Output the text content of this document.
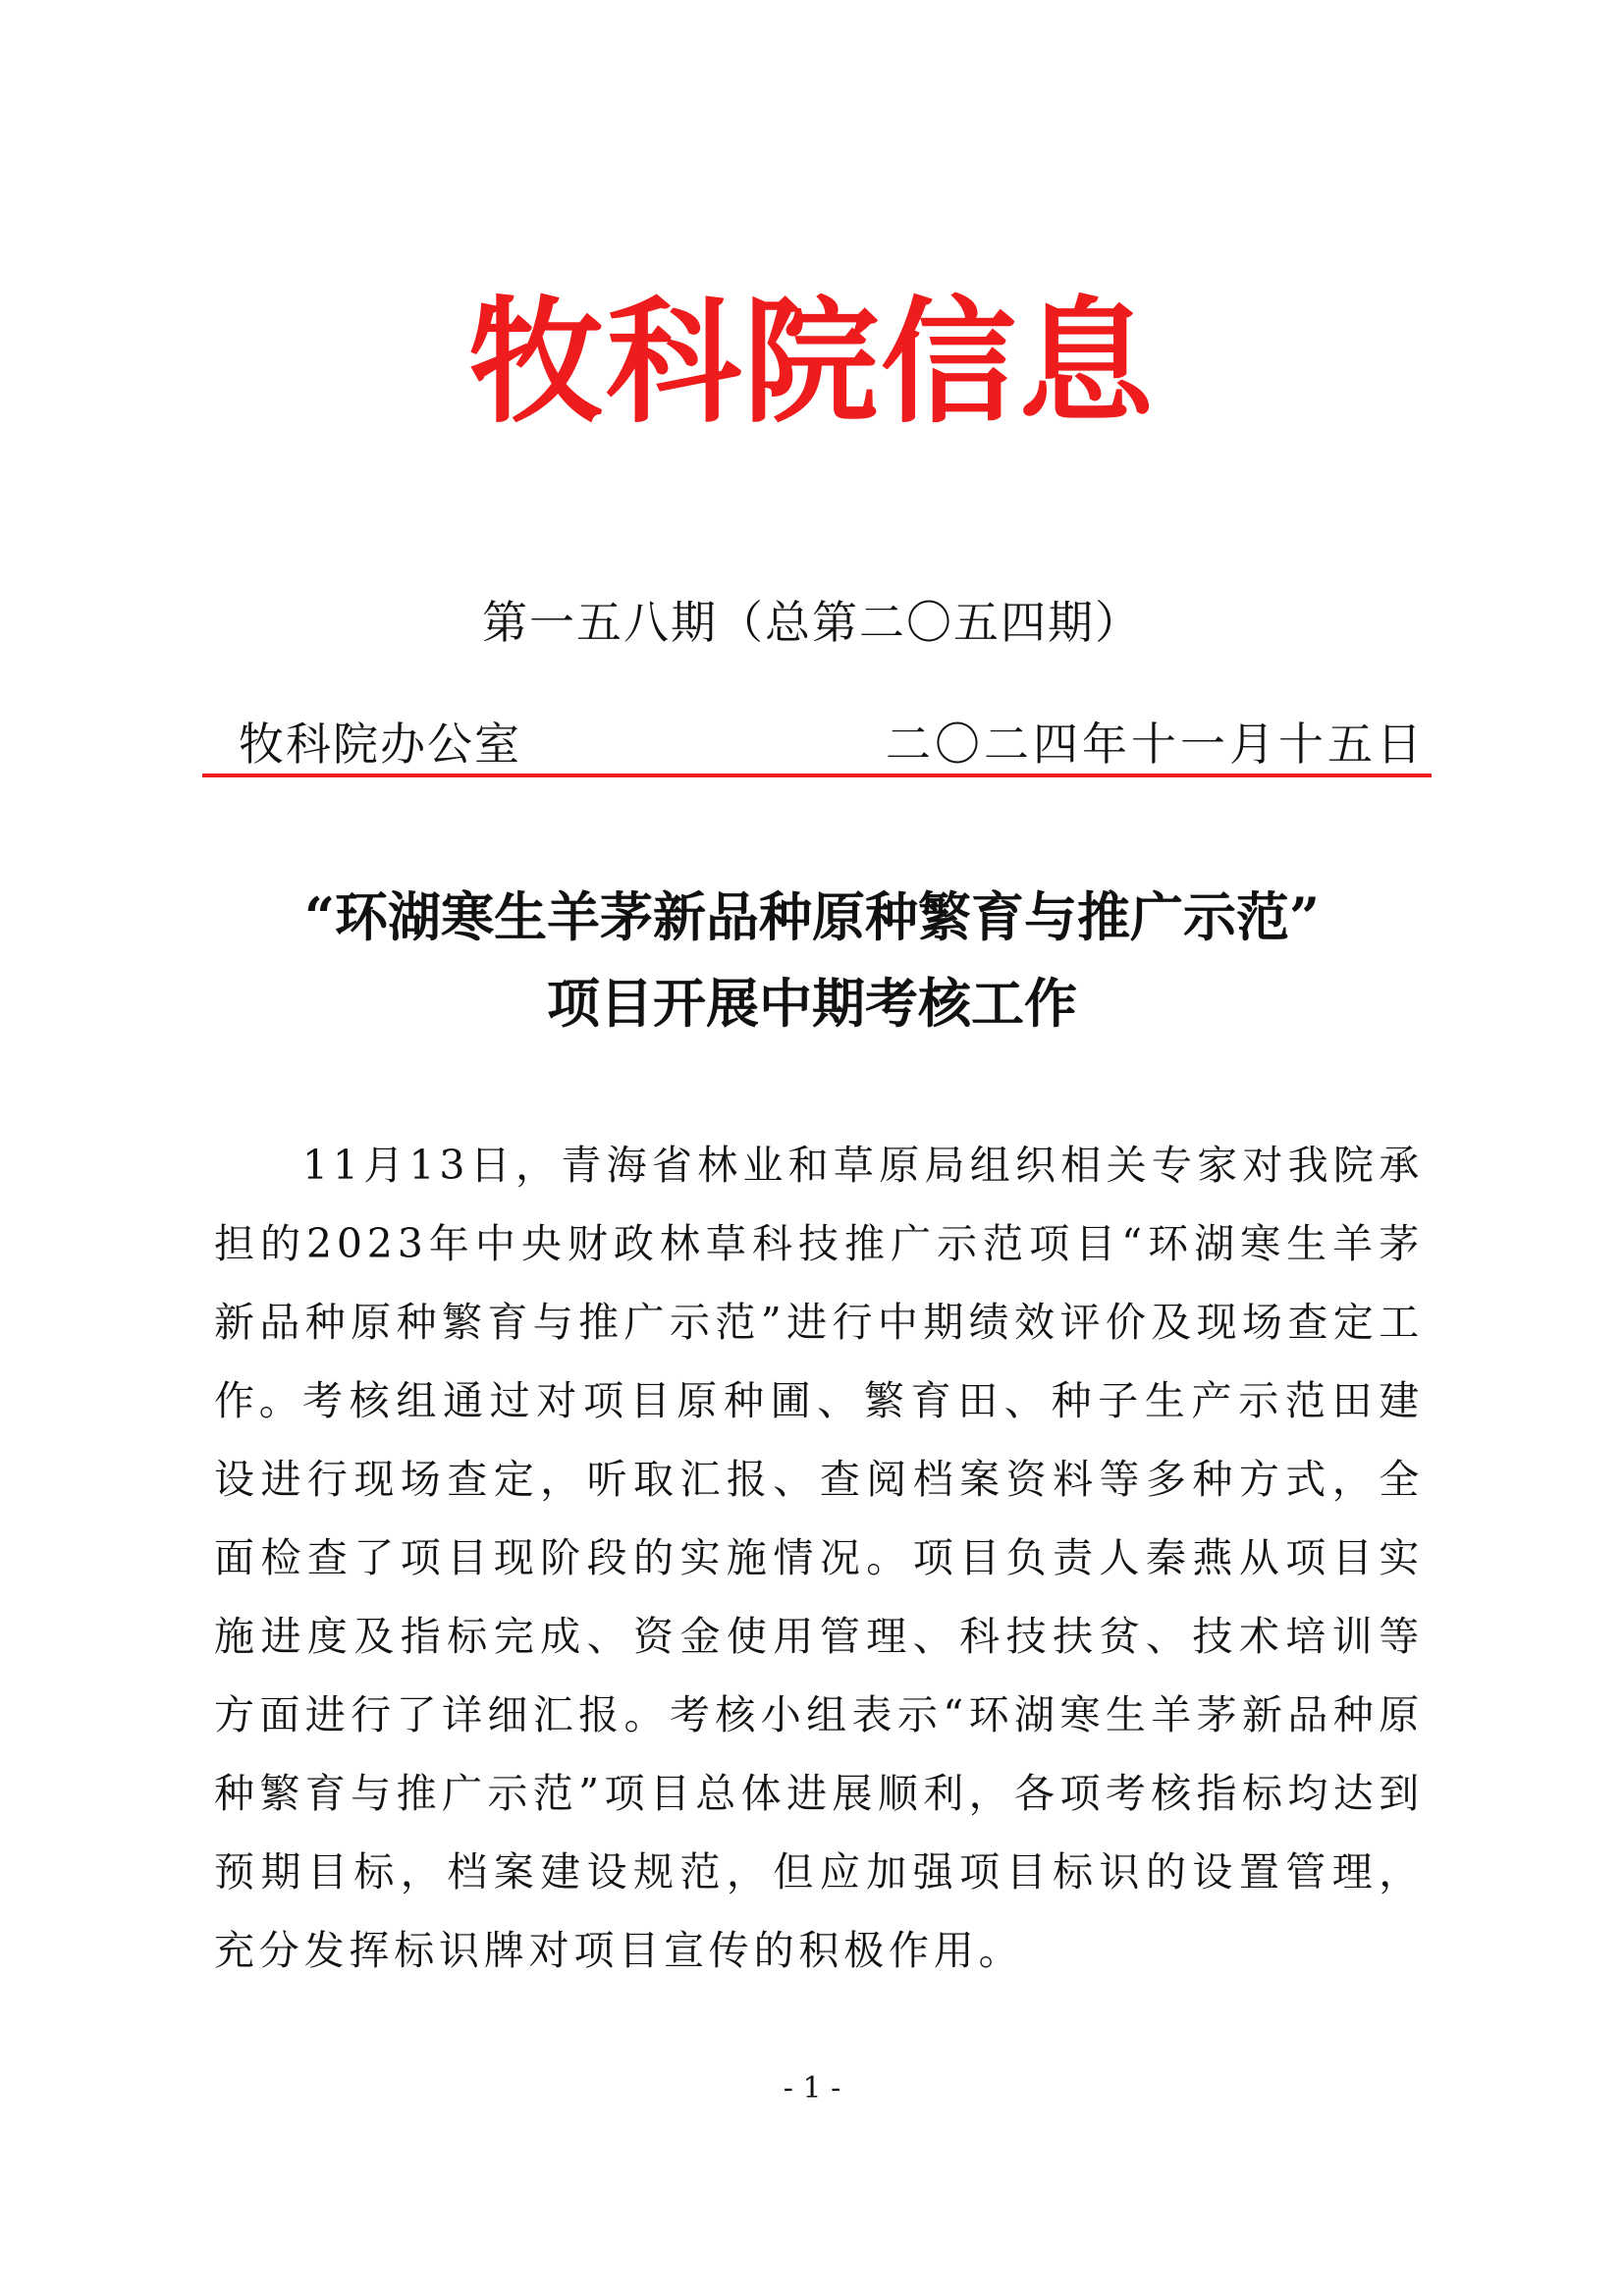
牧科院信息
第一五八期（总第二〇五四期）
牧科院办公室	二〇二四年十一月十五日
“环湖寒生羊茅新品种原种繁育与推广示范”
项目开展中期考核工作

11月13日，青海省林业和草原局组织相关专家对我院承担的2023年中央财政林草科技推广示范项目“环湖寒生羊茅新品种原种繁育与推广示范”进行中期绩效评价及现场查定工作。

考核组通过对项目原种圃、繁育田、种子生产示范田建设进行现场查定，听取汇报、查阅档案资料等多种方式，全面检查了项目现阶段的实施情况。项目负责人秦燕从项目实施进度及指标完成、资金使用管理、科技扶贫、技术培训等方面进行了详细汇报。考核小组表示“环湖寒生羊茅新品种原种繁育与推广示范”项目总体进展顺利，各项考核指标均达到预期目标，档案建设规范，但应加强项目标识的设置管理，充分发挥标识牌对项目宣传的积极作用。

- 1 -
